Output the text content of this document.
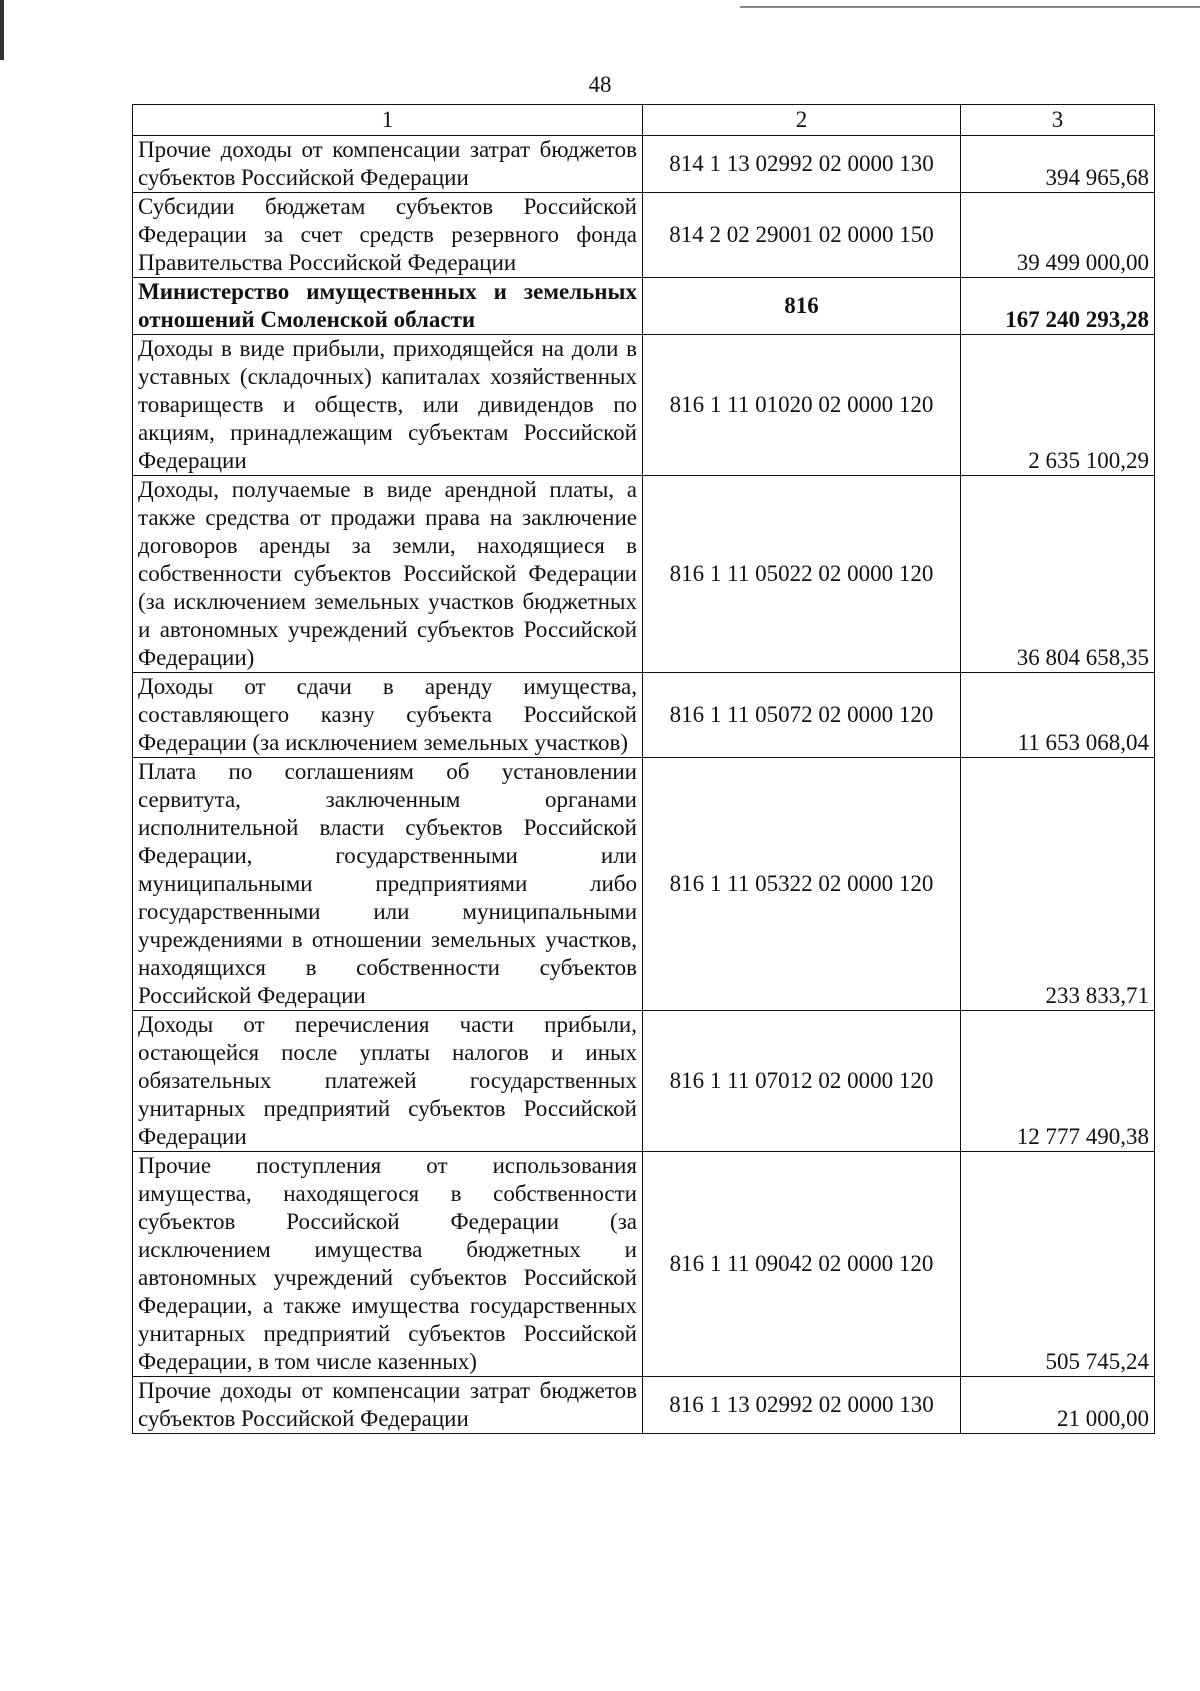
48
1	2	3
Прочие доходы от компенсации затрат бюджетов субъектов Российской Федерации	814 1 13 02992 02 0000 130	394 965,68
Субсидии бюджетам субъектов Российской Федерации за счет средств резервного фонда Правительства Российской Федерации	814 2 02 29001 02 0000 150	39 499 000,00
Министерство имущественных и земельных отношений Смоленской области	816	167 240 293,28
Доходы в виде прибыли, приходящейся на доли в уставных (складочных) капиталах хозяйственных товариществ и обществ, или дивидендов по акциям, принадлежащим субъектам Российской Федерации	816 1 11 01020 02 0000 120	2 635 100,29
Доходы, получаемые в виде арендной платы, а также средства от продажи права на заключение договоров аренды за земли, находящиеся в собственности субъектов Российской Федерации (за исключением земельных участков бюджетных и автономных учреждений субъектов Российской Федерации)	816 1 11 05022 02 0000 120	36 804 658,35
Доходы от сдачи в аренду имущества, составляющего казну субъекта Российской Федерации (за исключением земельных участков)	816 1 11 05072 02 0000 120	11 653 068,04
Плата по соглашениям об установлении сервитута, заключенным органами исполнительной власти субъектов Российской Федерации, государственными или муниципальными предприятиями либо государственными или муниципальными учреждениями в отношении земельных участков, находящихся в собственности субъектов Российской Федерации	816 1 11 05322 02 0000 120	233 833,71
Доходы от перечисления части прибыли, остающейся после уплаты налогов и иных обязательных платежей государственных унитарных предприятий субъектов Российской Федерации	816 1 11 07012 02 0000 120	12 777 490,38
Прочие поступления от использования имущества, находящегося в собственности субъектов Российской Федерации (за исключением имущества бюджетных и автономных учреждений субъектов Российской Федерации, а также имущества государственных унитарных предприятий субъектов Российской Федерации, в том числе казенных)	816 1 11 09042 02 0000 120	505 745,24
Прочие доходы от компенсации затрат бюджетов субъектов Российской Федерации	816 1 13 02992 02 0000 130	21 000,00
